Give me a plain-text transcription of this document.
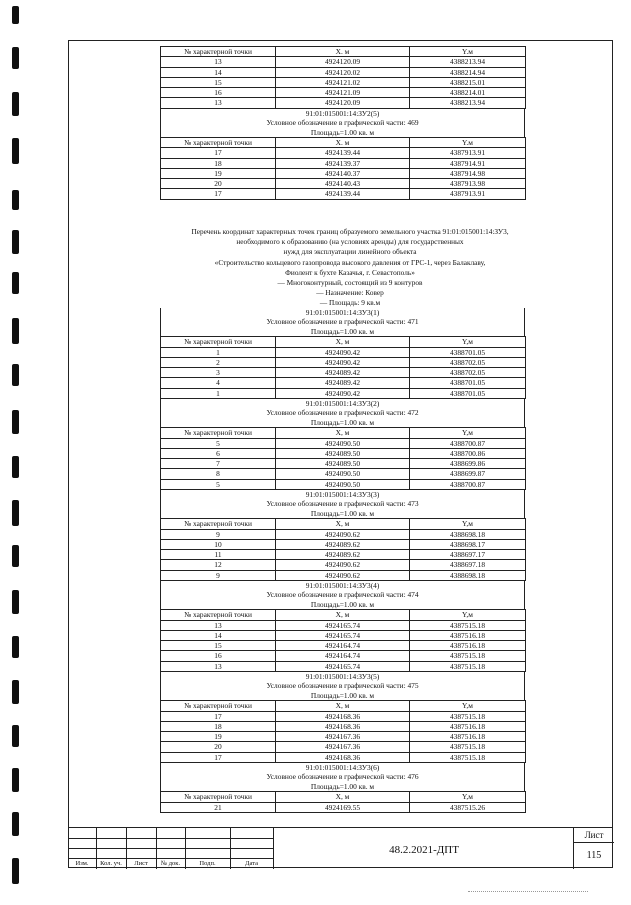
№ характерной точки	X. м	Y.м
13	4924120.09	4388213.94
14	4924120.02	4388214.94
15	4924121.02	4388215.01
16	4924121.09	4388214.01
13	4924120.09	4388213.94
91:01:015001:14:ЗУ2(5)
Условное обозначение в графической части: 469
Площадь=1.00 кв. м
№ характерной точки	X. м	Y.м
17	4924139.44	4387913.91
18	4924139.37	4387914.91
19	4924140.37	4387914.98
20	4924140.43	4387913.98
17	4924139.44	4387913.91
Перечень координат характерных точек границ образуемого земельного участка 91:01:015001:14:ЗУ3,
необходимого к образованию (на условиях аренды) для государственных
нужд для эксплуатации линейного объекта
«Строительство кольцевого газопровода высокого давления от ГРС-1, через Балаклаву,
Фиолент к бухте Казачья, г. Севастополь»
— Многоконтурный, состоящий из 9 контуров
— Назначение: Ковер
— Площадь: 9 кв.м
91:01:015001:14:ЗУ3(1)
Условное обозначение в графической части: 471
Площадь=1.00 кв. м
№ характерной точки	X, м	Y,м
1	4924090.42	4388701.05
2	4924090.42	4388702.05
3	4924089.42	4388702.05
4	4924089.42	4388701.05
1	4924090.42	4388701.05
91:01:015001:14:ЗУ3(2)
Условное обозначение в графической части: 472
Площадь=1.00 кв. м
№ характерной точки	X, м	Y,м
5	4924090.50	4388700.87
6	4924089.50	4388700.86
7	4924089.50	4388699.86
8	4924090.50	4388699.87
5	4924090.50	4388700.87
91:01:015001:14:ЗУ3(3)
Условное обозначение в графической части: 473
Площадь=1.00 кв. м
№ характерной точки	X, м	Y,м
9	4924090.62	4388698.18
10	4924089.62	4388698.17
11	4924089.62	4388697.17
12	4924090.62	4388697.18
9	4924090.62	4388698.18
91:01:015001:14:ЗУ3(4)
Условное обозначение в графической части: 474
Площадь=1.00 кв. м
№ характерной точки	X, м	Y,м
13	4924165.74	4387515.18
14	4924165.74	4387516.18
15	4924164.74	4387516.18
16	4924164.74	4387515.18
13	4924165.74	4387515.18
91:01:015001:14:ЗУ3(5)
Условное обозначение в графической части: 475
Площадь=1.00 кв. м
№ характерной точки	X, м	Y,м
17	4924168.36	4387515.18
18	4924168.36	4387516.18
19	4924167.36	4387516.18
20	4924167.36	4387515.18
17	4924168.36	4387515.18
91:01:015001:14:ЗУ3(6)
Условное обозначение в графической части: 476
Площадь=1.00 кв. м
№ характерной точки	X, м	Y,м
21	4924169.55	4387515.26
Изм.	Кол. уч.	Лист	№ док.	Подп.	Дата
48.2.2021-ДПТ
Лист
115
